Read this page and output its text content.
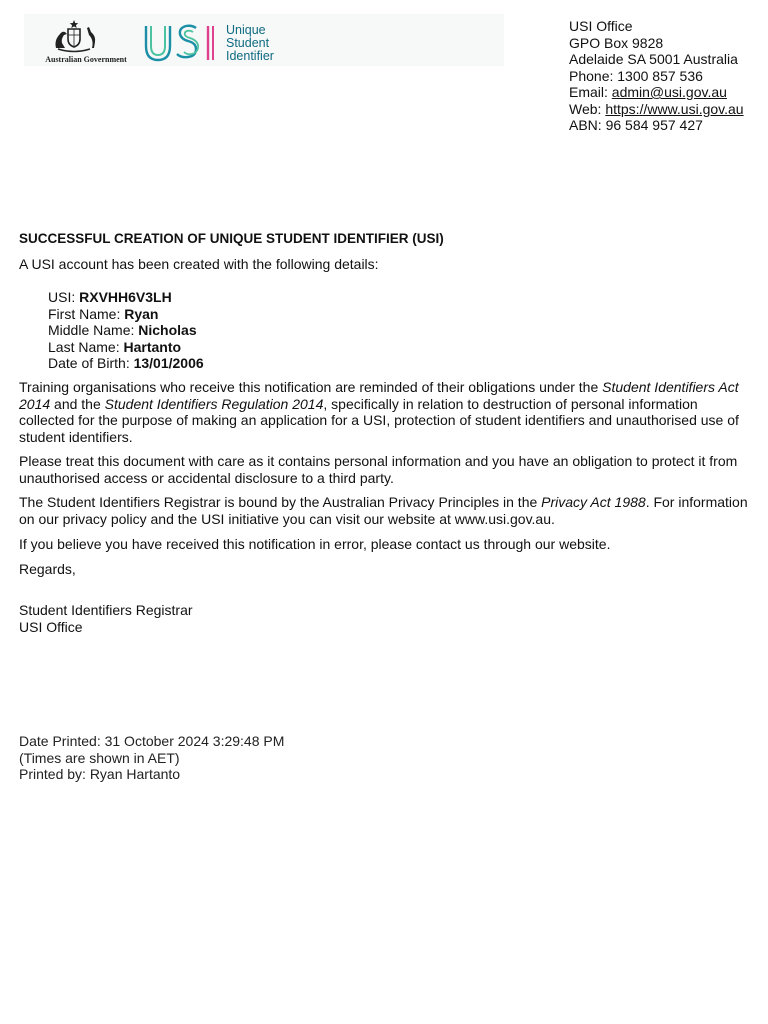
Australian Government
Unique
Student
Identifier
USI Office
GPO Box 9828
Adelaide SA 5001 Australia
Phone: 1300 857 536
Email: admin@usi.gov.au
Web: https://www.usi.gov.au
ABN: 96 584 957 427
SUCCESSFUL CREATION OF UNIQUE STUDENT IDENTIFIER (USI)
A USI account has been created with the following details:
USI: RXVHH6V3LH
First Name: Ryan
Middle Name: Nicholas
Last Name: Hartanto
Date of Birth: 13/01/2006

Training organisations who receive this notification are reminded of their obligations under the Student Identifiers Act 2014 and the Student Identifiers Regulation 2014, specifically in relation to destruction of personal information collected for the purpose of making an application for a USI, protection of student identifiers and unauthorised use of student identifiers.

Please treat this document with care as it contains personal information and you have an obligation to protect it from unauthorised access or accidental disclosure to a third party.

The Student Identifiers Registrar is bound by the Australian Privacy Principles in the Privacy Act 1988. For information on our privacy policy and the USI initiative you can visit our website at www.usi.gov.au.

If you believe you have received this notification in error, please contact us through our website.

Regards,
Student Identifiers Registrar
USI Office
Date Printed: 31 October 2024 3:29:48 PM
(Times are shown in AET)
Printed by: Ryan Hartanto
